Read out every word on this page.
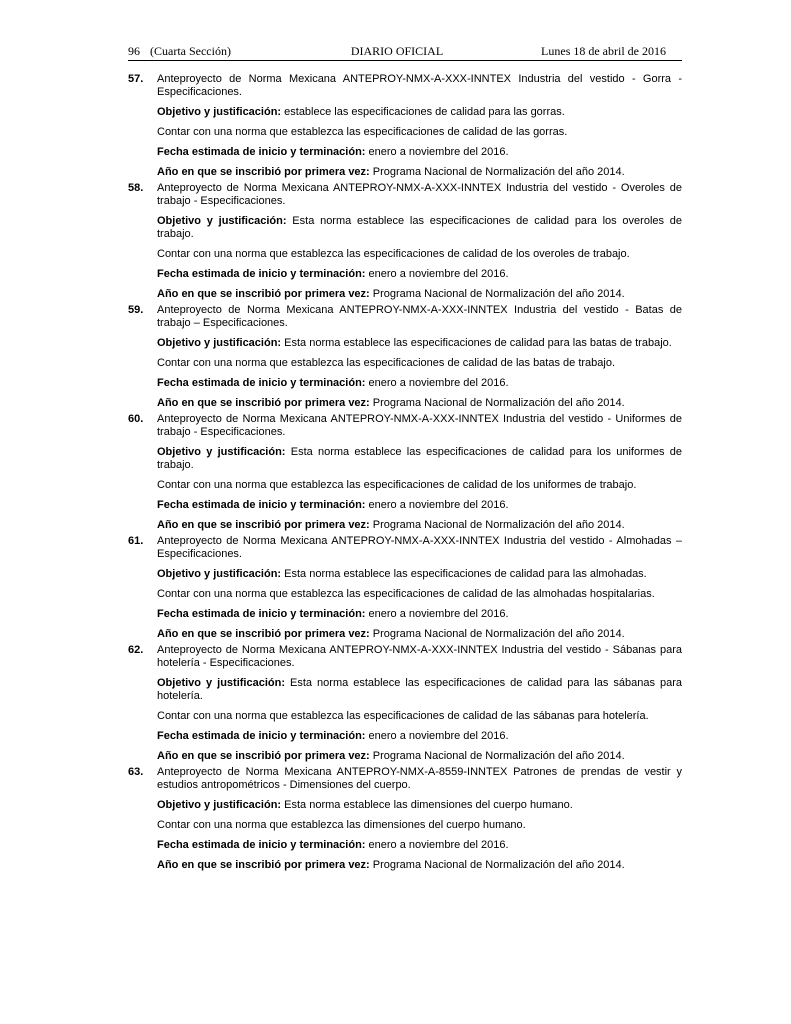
96 (Cuarta Sección)	DIARIO OFICIAL	Lunes 18 de abril de 2016
57.	Anteproyecto de Norma Mexicana ANTEPROY-NMX-A-XXX-INNTEX Industria del vestido - Gorra - Especificaciones.
Objetivo y justificación: establece las especificaciones de calidad para las gorras.
Contar con una norma que establezca las especificaciones de calidad de las gorras.
Fecha estimada de inicio y terminación: enero a noviembre del 2016.
Año en que se inscribió por primera vez: Programa Nacional de Normalización del año 2014.
58.	Anteproyecto de Norma Mexicana ANTEPROY-NMX-A-XXX-INNTEX Industria del vestido - Overoles de trabajo - Especificaciones.
Objetivo y justificación: Esta norma establece las especificaciones de calidad para los overoles de trabajo.
Contar con una norma que establezca las especificaciones de calidad de los overoles de trabajo.
Fecha estimada de inicio y terminación: enero a noviembre del 2016.
Año en que se inscribió por primera vez: Programa Nacional de Normalización del año 2014.
59.	Anteproyecto de Norma Mexicana ANTEPROY-NMX-A-XXX-INNTEX Industria del vestido - Batas de trabajo – Especificaciones.
Objetivo y justificación: Esta norma establece las especificaciones de calidad para las batas de trabajo.
Contar con una norma que establezca las especificaciones de calidad de las batas de trabajo.
Fecha estimada de inicio y terminación: enero a noviembre del 2016.
Año en que se inscribió por primera vez: Programa Nacional de Normalización del año 2014.
60.	Anteproyecto de Norma Mexicana ANTEPROY-NMX-A-XXX-INNTEX Industria del vestido - Uniformes de trabajo - Especificaciones.
Objetivo y justificación: Esta norma establece las especificaciones de calidad para los uniformes de trabajo.
Contar con una norma que establezca las especificaciones de calidad de los uniformes de trabajo.
Fecha estimada de inicio y terminación: enero a noviembre del 2016.
Año en que se inscribió por primera vez: Programa Nacional de Normalización del año 2014.
61.	Anteproyecto de Norma Mexicana ANTEPROY-NMX-A-XXX-INNTEX Industria del vestido - Almohadas – Especificaciones.
Objetivo y justificación: Esta norma establece las especificaciones de calidad para las almohadas.
Contar con una norma que establezca las especificaciones de calidad de las almohadas hospitalarias.
Fecha estimada de inicio y terminación: enero a noviembre del 2016.
Año en que se inscribió por primera vez: Programa Nacional de Normalización del año 2014.
62.	Anteproyecto de Norma Mexicana ANTEPROY-NMX-A-XXX-INNTEX Industria del vestido - Sábanas para hotelería - Especificaciones.
Objetivo y justificación: Esta norma establece las especificaciones de calidad para las sábanas para hotelería.
Contar con una norma que establezca las especificaciones de calidad de las sábanas para hotelería.
Fecha estimada de inicio y terminación: enero a noviembre del 2016.
Año en que se inscribió por primera vez: Programa Nacional de Normalización del año 2014.
63.	Anteproyecto de Norma Mexicana ANTEPROY-NMX-A-8559-INNTEX Patrones de prendas de vestir y estudios antropométricos - Dimensiones del cuerpo.
Objetivo y justificación: Esta norma establece las dimensiones del cuerpo humano.
Contar con una norma que establezca las dimensiones del cuerpo humano.
Fecha estimada de inicio y terminación: enero a noviembre del 2016.
Año en que se inscribió por primera vez: Programa Nacional de Normalización del año 2014.
